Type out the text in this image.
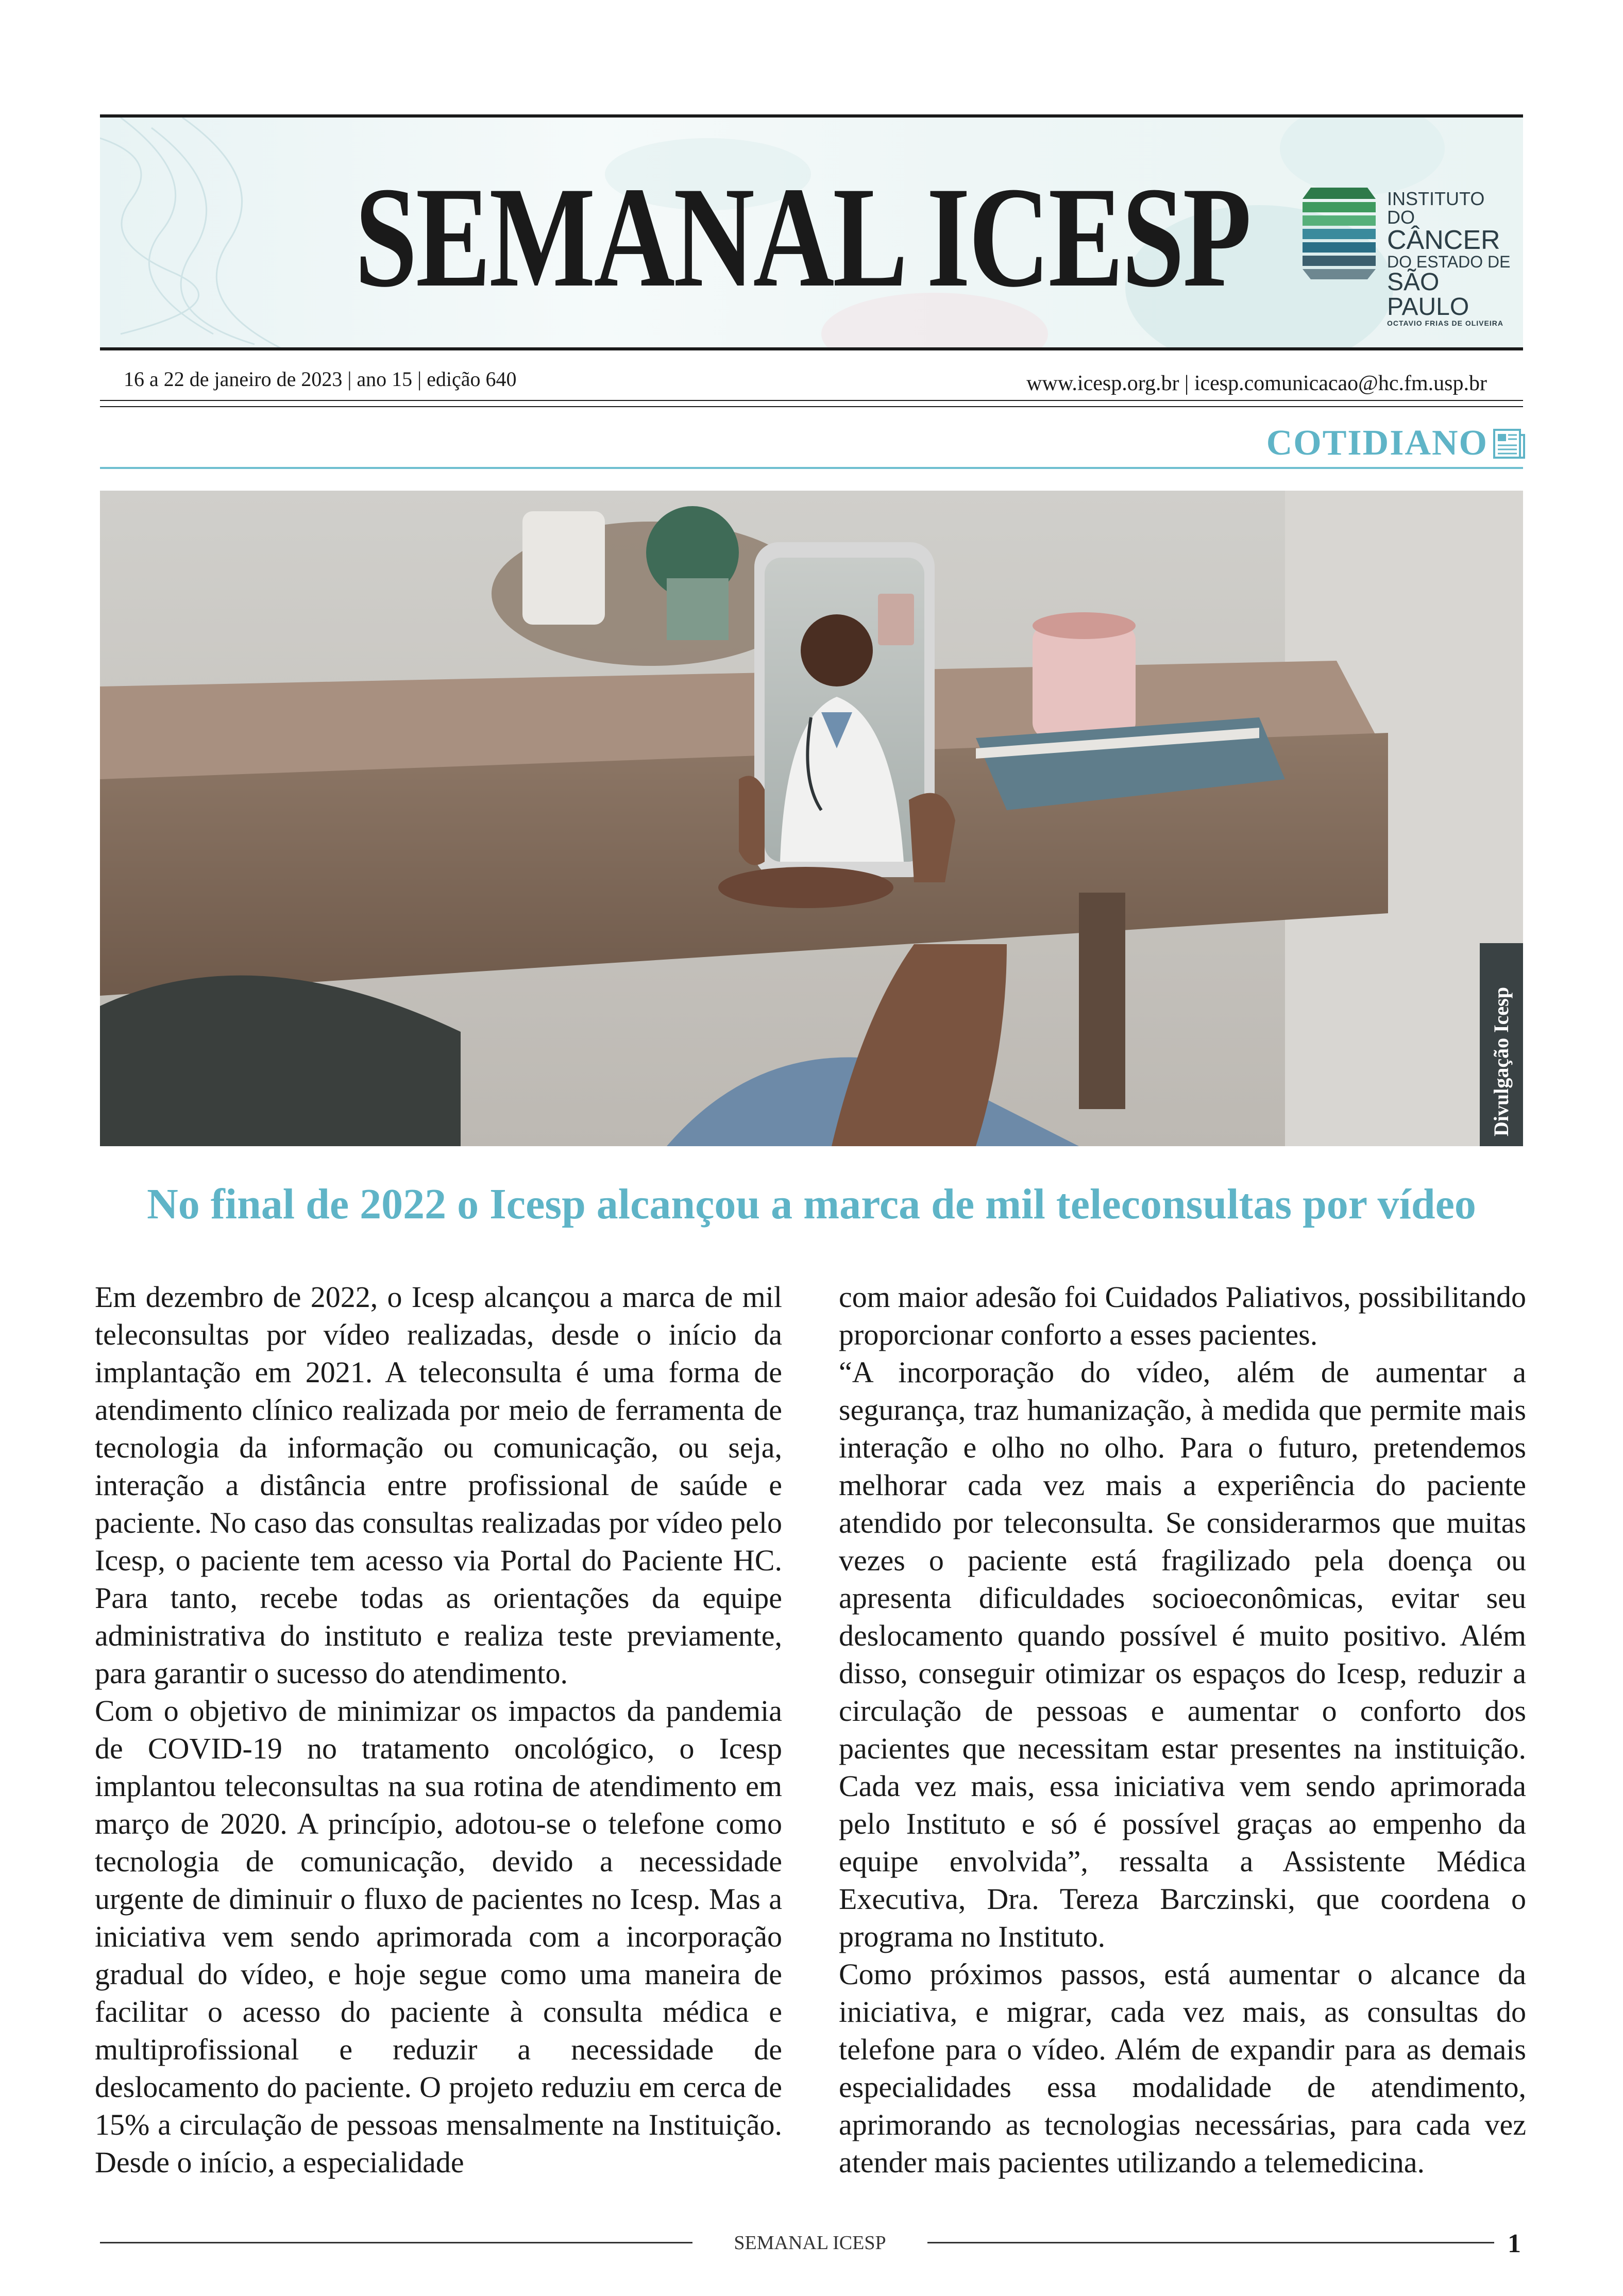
SEMANAL ICESP	INSTITUTO DO
CÂNCER
DO ESTADO DE
SÃO PAULO
OCTAVIO FRIAS DE OLIVEIRA
16 a 22 de janeiro de 2023 | ano 15 | edição 640	www.icesp.org.br | icesp.comunicacao@hc.fm.usp.br
COTIDIANO
Divulgação Icesp
No final de 2022 o Icesp alcançou a marca de mil teleconsultas por vídeo

Em dezembro de 2022, o Icesp alcançou a marca de mil teleconsultas por vídeo realizadas, desde o início da implantação em 2021. A teleconsulta é uma forma de atendimento clínico realizada por meio de ferramenta de tecnologia da informação ou comunicação, ou seja, interação a distância entre profissional de saúde e paciente. No caso das consultas realizadas por vídeo pelo Icesp, o paciente tem acesso via Portal do Paciente HC. Para tanto, recebe todas as orientações da equipe administrativa do instituto e realiza teste previamente, para garantir o sucesso do atendimento.

Com o objetivo de minimizar os impactos da pandemia de COVID-19 no tratamento oncológico, o Icesp implantou teleconsultas na sua rotina de atendimento em março de 2020. A princípio, adotou-se o telefone como tecnologia de comunicação, devido a necessidade urgente de diminuir o fluxo de pacientes no Icesp. Mas a iniciativa vem sendo aprimorada com a incorporação gradual do vídeo, e hoje segue como uma maneira de facilitar o acesso do paciente à consulta médica e multiprofissional e reduzir a necessidade de deslocamento do paciente. O projeto reduziu em cerca de 15% a circulação de pessoas mensalmente na Instituição. Desde o início, a especialidade

com maior adesão foi Cuidados Paliativos, possibilitando proporcionar conforto a esses pacientes.

“A incorporação do vídeo, além de aumentar a segurança, traz humanização, à medida que permite mais interação e olho no olho. Para o futuro, pretendemos melhorar cada vez mais a experiência do paciente atendido por teleconsulta. Se considerarmos que muitas vezes o paciente está fragilizado pela doença ou apresenta dificuldades socioeconômicas, evitar seu deslocamento quando possível é muito positivo. Além disso, conseguir otimizar os espaços do Icesp, reduzir a circulação de pessoas e aumentar o conforto dos pacientes que necessitam estar presentes na instituição. Cada vez mais, essa iniciativa vem sendo aprimorada pelo Instituto e só é possível graças ao empenho da equipe envolvida”, ressalta a Assistente Médica Executiva, Dra. Tereza Barczinski, que coordena o programa no Instituto.

Como próximos passos, está aumentar o alcance da iniciativa, e migrar, cada vez mais, as consultas do telefone para o vídeo. Além de expandir para as demais especialidades essa modalidade de atendimento, aprimorando as tecnologias necessárias, para cada vez atender mais pacientes utilizando a telemedicina.

SEMANAL ICESP	1
